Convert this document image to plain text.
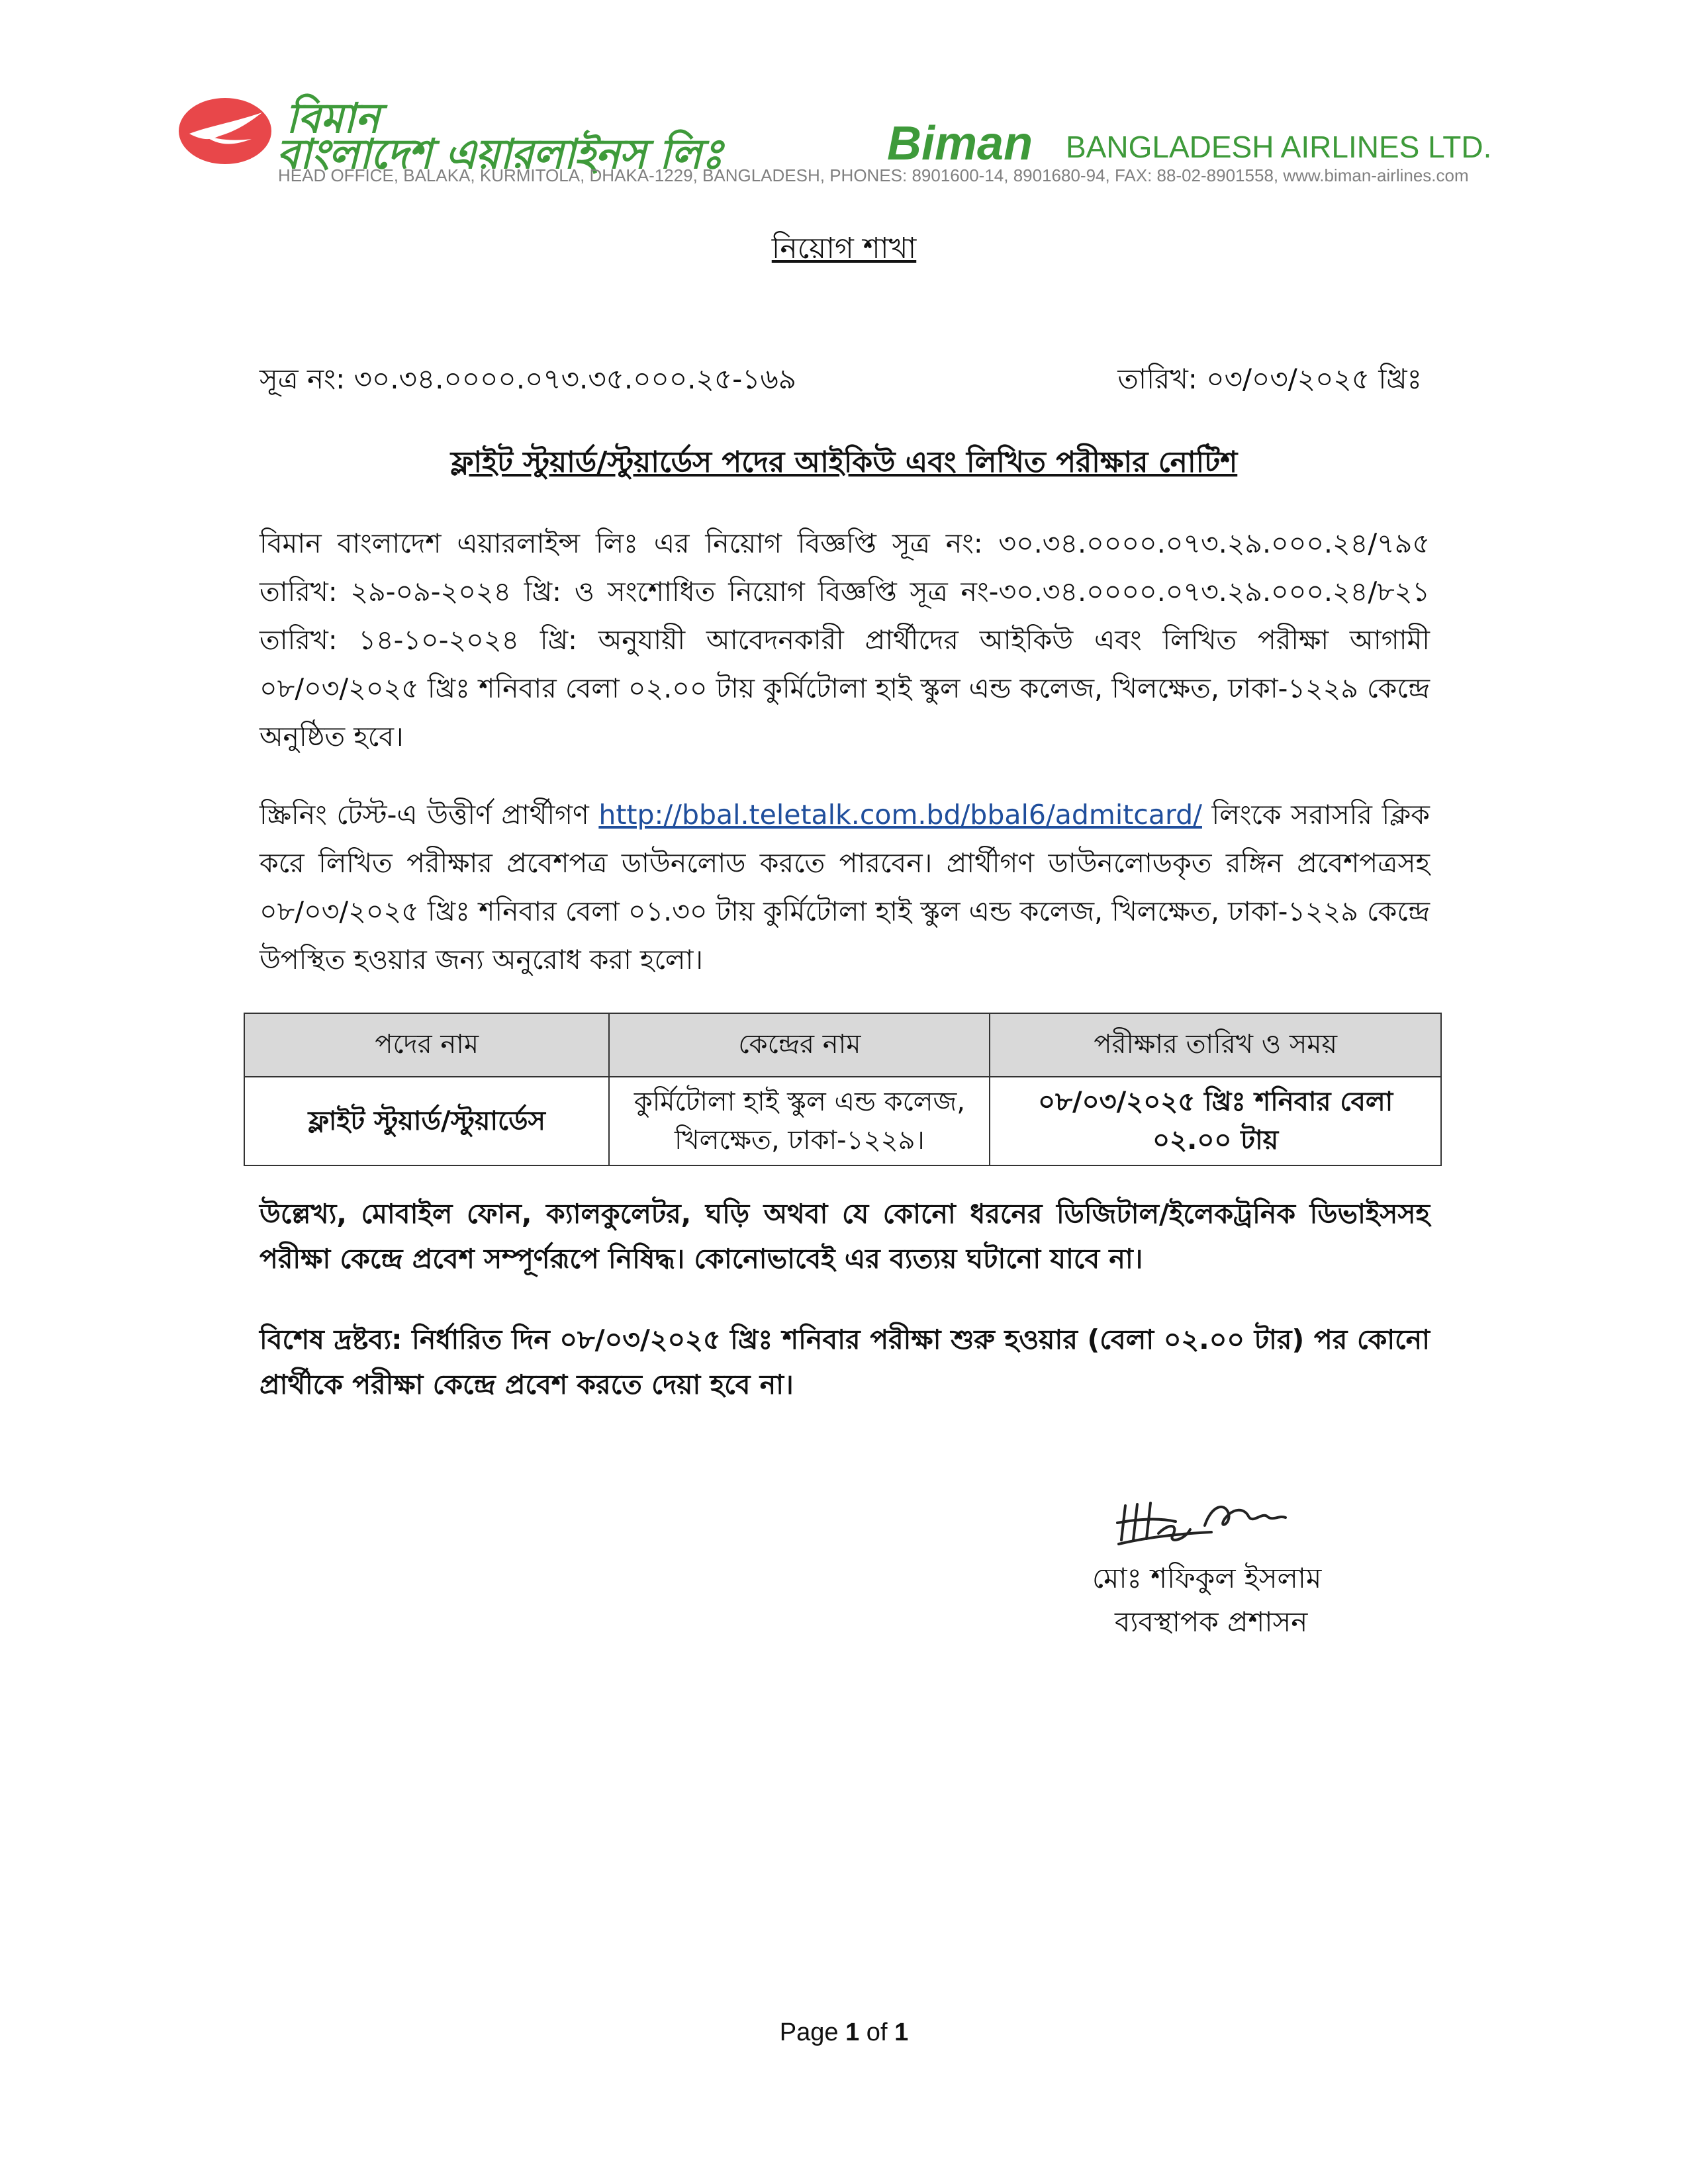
বিমান
বাংলাদেশ এয়ারলাইনস লিঃ	Biman BANGLADESH AIRLINES LTD.
HEAD OFFICE, BALAKA, KURMITOLA, DHAKA-1229, BANGLADESH, PHONES: 8901600-14, 8901680-94, FAX: 88-02-8901558, www.biman-airlines.com
নিয়োগ শাখা
সূত্র নং: ৩০.৩৪.০০০০.০৭৩.৩৫.০০০.২৫-১৬৯	তারিখ: ০৩/০৩/২০২৫ খ্রিঃ
ফ্লাইট স্টুয়ার্ড/স্টুয়ার্ডেস পদের আইকিউ এবং লিখিত পরীক্ষার নোটিশ
বিমান বাংলাদেশ এয়ারলাইন্স লিঃ এর নিয়োগ বিজ্ঞপ্তি সূত্র নং: ৩০.৩৪.০০০০.০৭৩.২৯.০০০.২৪/৭৯৫ তারিখ: ২৯-০৯-২০২৪ খ্রি: ও সংশোধিত নিয়োগ বিজ্ঞপ্তি সূত্র নং-৩০.৩৪.০০০০.০৭৩.২৯.০০০.২৪/৮২১ তারিখ: ১৪-১০-২০২৪ খ্রি: অনুযায়ী আবেদনকারী প্রার্থীদের আইকিউ এবং লিখিত পরীক্ষা আগামী ০৮/০৩/২০২৫ খ্রিঃ শনিবার বেলা ০২.০০ টায় কুর্মিটোলা হাই স্কুল এন্ড কলেজ, খিলক্ষেত, ঢাকা-১২২৯ কেন্দ্রে অনুষ্ঠিত হবে।
স্ক্রিনিং টেস্ট-এ উত্তীর্ণ প্রার্থীগণ http://bbal.teletalk.com.bd/bbal6/admitcard/ লিংকে সরাসরি ক্লিক করে লিখিত পরীক্ষার প্রবেশপত্র ডাউনলোড করতে পারবেন। প্রার্থীগণ ডাউনলোডকৃত রঙ্গিন প্রবেশপত্রসহ ০৮/০৩/২০২৫ খ্রিঃ শনিবার বেলা ০১.৩০ টায় কুর্মিটোলা হাই স্কুল এন্ড কলেজ, খিলক্ষেত, ঢাকা-১২২৯ কেন্দ্রে উপস্থিত হওয়ার জন্য অনুরোধ করা হলো।
পদের নাম	কেন্দ্রের নাম	পরীক্ষার তারিখ ও সময়
ফ্লাইট স্টুয়ার্ড/স্টুয়ার্ডেস	কুর্মিটোলা হাই স্কুল এন্ড কলেজ, খিলক্ষেত, ঢাকা-১২২৯।	০৮/০৩/২০২৫ খ্রিঃ শনিবার বেলা ০২.০০ টায়
উল্লেখ্য, মোবাইল ফোন, ক্যালকুলেটর, ঘড়ি অথবা যে কোনো ধরনের ডিজিটাল/ইলেকট্রনিক ডিভাইসসহ পরীক্ষা কেন্দ্রে প্রবেশ সম্পূর্ণরূপে নিষিদ্ধ। কোনোভাবেই এর ব্যত্যয় ঘটানো যাবে না।
বিশেষ দ্রষ্টব্য: নির্ধারিত দিন ০৮/০৩/২০২৫ খ্রিঃ শনিবার পরীক্ষা শুরু হওয়ার (বেলা ০২.০০ টার) পর কোনো প্রার্থীকে পরীক্ষা কেন্দ্রে প্রবেশ করতে দেয়া হবে না।
মোঃ শফিকুল ইসলাম
ব্যবস্থাপক প্রশাসন
Page 1 of 1
